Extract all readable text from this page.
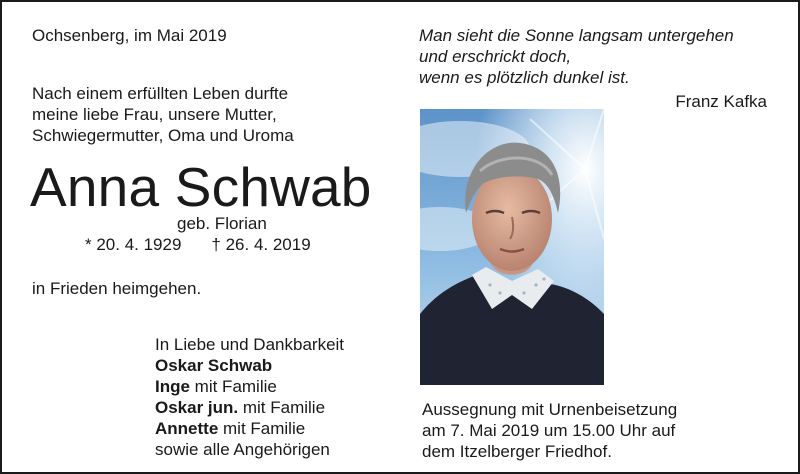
Ochsenberg, im Mai 2019
Nach einem erfüllten Leben durfte
meine liebe Frau, unsere Mutter,
Schwiegermutter, Oma und Uroma
Anna Schwab
geb. Florian
* 20. 4. 1929 † 26. 4. 2019
in Frieden heimgehen.
In Liebe und Dankbarkeit
Oskar Schwab
Inge mit Familie
Oskar jun. mit Familie
Annette mit Familie
sowie alle Angehörigen
Man sieht die Sonne langsam untergehen
und erschrickt doch,
wenn es plötzlich dunkel ist.
Franz Kafka
Aussegnung mit Urnenbeisetzung
am 7. Mai 2019 um 15.00 Uhr auf
dem Itzelberger Friedhof.
